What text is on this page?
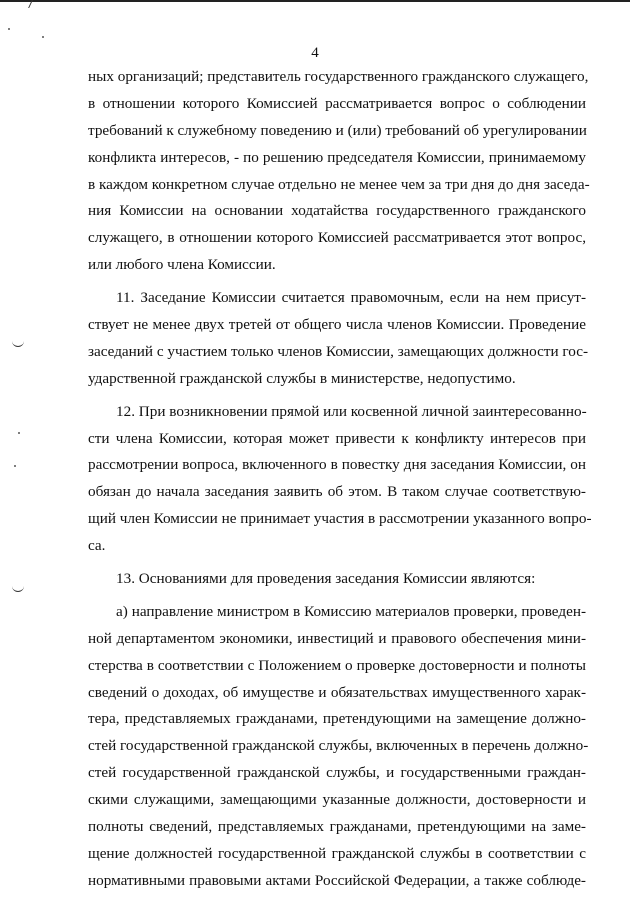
4
ных организаций; представитель государственного гражданского служащего,
в отношении которого Комиссией рассматривается вопрос о соблюдении
требований к служебному поведению и (или) требований об урегулировании
конфликта интересов, - по решению председателя Комиссии, принимаемому
в каждом конкретном случае отдельно не менее чем за три дня до дня заседа-
ния Комиссии на основании ходатайства государственного гражданского
служащего, в отношении которого Комиссией рассматривается этот вопрос,
или любого члена Комиссии.
11. Заседание Комиссии считается правомочным, если на нем присут-
ствует не менее двух третей от общего числа членов Комиссии. Проведение
заседаний с участием только членов Комиссии, замещающих должности гос-
ударственной гражданской службы в министерстве, недопустимо.
12. При возникновении прямой или косвенной личной заинтересованно-
сти члена Комиссии, которая может привести к конфликту интересов при
рассмотрении вопроса, включенного в повестку дня заседания Комиссии, он
обязан до начала заседания заявить об этом. В таком случае соответствую-
щий член Комиссии не принимает участия в рассмотрении указанного вопро-
са.
13. Основаниями для проведения заседания Комиссии являются:
а) направление министром в Комиссию материалов проверки, проведен-
ной департаментом экономики, инвестиций и правового обеспечения мини-
стерства в соответствии с Положением о проверке достоверности и полноты
сведений о доходах, об имуществе и обязательствах имущественного харак-
тера, представляемых гражданами, претендующими на замещение должно-
стей государственной гражданской службы, включенных в перечень должно-
стей государственной гражданской службы, и государственными граждан-
скими служащими, замещающими указанные должности, достоверности и
полноты сведений, представляемых гражданами, претендующими на заме-
щение должностей государственной гражданской службы в соответствии с
нормативными правовыми актами Российской Федерации, а также соблюде-
